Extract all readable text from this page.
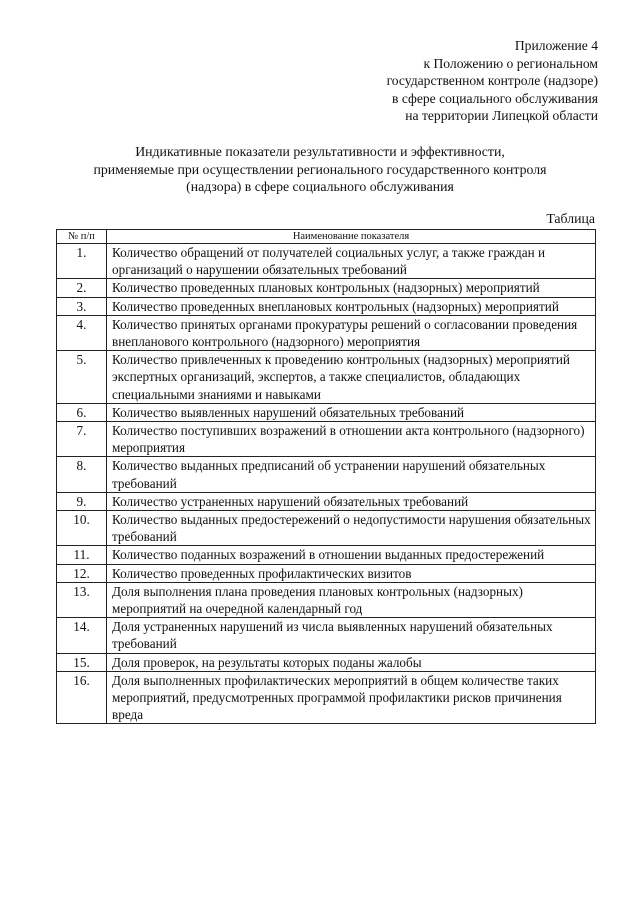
Приложение 4
к Положению о региональном
государственном контроле (надзоре)
в сфере социального обслуживания
на территории Липецкой области
Индикативные показатели результативности и эффективности,
применяемые при осуществлении регионального государственного контроля
(надзора) в сфере социального обслуживания
Таблица
№ п/п	Наименование показателя
1.	Количество обращений от получателей социальных услуг, а также граждан и организаций о нарушении обязательных требований
2.	Количество проведенных плановых контрольных (надзорных) мероприятий
3.	Количество проведенных внеплановых контрольных (надзорных) мероприятий
4.	Количество принятых органами прокуратуры решений о согласовании проведения внепланового контрольного (надзорного) мероприятия
5.	Количество привлеченных к проведению контрольных (надзорных) мероприятий экспертных организаций, экспертов, а также специалистов, обладающих специальными знаниями и навыками
6.	Количество выявленных нарушений обязательных требований
7.	Количество поступивших возражений в отношении акта контрольного (надзорного) мероприятия
8.	Количество выданных предписаний об устранении нарушений обязательных требований
9.	Количество устраненных нарушений обязательных требований
10.	Количество выданных предостережений о недопустимости нарушения обязательных требований
11.	Количество поданных возражений в отношении выданных предостережений
12.	Количество проведенных профилактических визитов
13.	Доля выполнения плана проведения плановых контрольных (надзорных) мероприятий на очередной календарный год
14.	Доля устраненных нарушений из числа выявленных нарушений обязательных требований
15.	Доля проверок, на результаты которых поданы жалобы
16.	Доля выполненных профилактических мероприятий в общем количестве таких мероприятий, предусмотренных программой профилактики рисков причинения вреда
